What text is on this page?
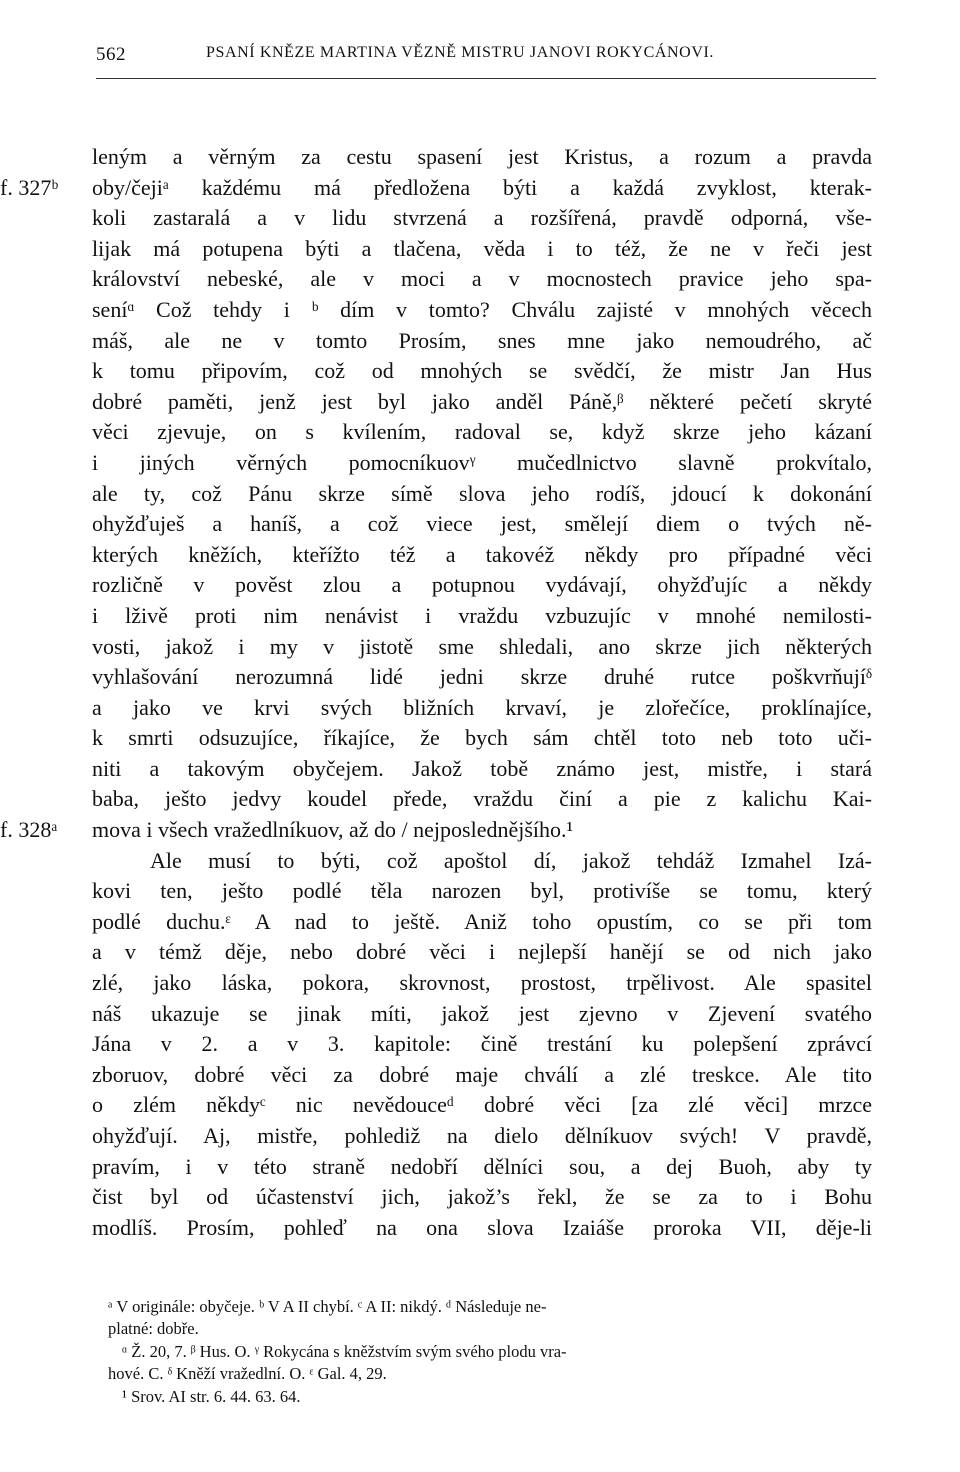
562	PSANÍ KNĚZE MARTINA VĚZNĚ MISTRU JANOVI ROKYCÁNOVI.
leným a věrným za cestu spasení jest Kristus, a rozum a pravda
f. 327ᵇ oby/čejiᵃ každému má předložena býti a každá zvyklost, kterak-
koli zastaralá a v lidu stvrzená a rozšířená, pravdě odporná, vše-
lijak má potupena býti a tlačena, věda i to též, že ne v řeči jest
království nebeské, ale v moci a v mocnostech pravice jeho spa-
seníᵅ Což tehdy i ᵇ dím v tomto? Chválu zajisté v mnohých věcech
máš, ale ne v tomto Prosím, snes mne jako nemoudrého, ač
k tomu připovím, což od mnohých se svědčí, že mistr Jan Hus
dobré paměti, jenž jest byl jako anděl Páně,ᵝ některé pečetí skryté
věci zjevuje, on s kvílením, radoval se, když skrze jeho kázaní
i jiných věrných pomocníkuovᵞ mučedlnictvo slavně prokvítalo,
ale ty, což Pánu skrze símě slova jeho rodíš, jdoucí k dokonání
ohyžďuješ a haníš, a což viece jest, smělejí diem o tvých ně-
kterých kněžích, kteřížto též a takovéž někdy pro případné věci
rozličně v pověst zlou a potupnou vydávají, ohyžďujíc a někdy
i lživě proti nim nenávist i vraždu vzbuzujíc v mnohé nemilosti-
vosti, jakož i my v jistotě sme shledali, ano skrze jich některých
vyhlašování nerozumná lidé jedni skrze druhé rutce poškvrňujíᵟ
a jako ve krvi svých bližních krvaví, je zlořečíce, proklínajíce,
k smrti odsuzujíce, říkajíce, že bych sám chtěl toto neb toto uči-
niti a takovým obyčejem. Jakož tobě známo jest, mistře, i stará
baba, ješto jedvy koudel přede, vraždu činí a pie z kalichu Kai-
f. 328ᵃ mova i všech vražedlníkuov, až do / nejposlednějšího.¹
Ale musí to býti, což apoštol dí, jakož tehdáž Izmahel Izá-
kovi ten, ješto podlé těla narozen byl, protivíše se tomu, který
podlé duchu.ᵋ A nad to ještě. Aniž toho opustím, co se při tom
a v témž děje, nebo dobré věci i nejlepší hanějí se od nich jako
zlé, jako láska, pokora, skrovnost, prostost, trpělivost. Ale spasitel
náš ukazuje se jinak míti, jakož jest zjevno v Zjevení svatého
Jána v 2. a v 3. kapitole: čině trestání ku polepšení zprávcí
zboruov, dobré věci za dobré maje chválí a zlé treskce. Ale tito
o zlém někdyᶜ nic nevědouceᵈ dobré věci [za zlé věci] mrzce
ohyžďují. Aj, mistře, pohlediž na dielo dělníkuov svých! V pravdě,
pravím, i v této straně nedobří dělníci sou, a dej Buoh, aby ty
čist byl od účastenství jich, jakož’s řekl, že se za to i Bohu
modlíš. Prosím, pohleď na ona slova Izaiáše proroka VII, děje-li
ᵃ V originále: obyčeje. ᵇ V A II chybí. ᶜ A II: nikdý. ᵈ Následuje ne-
platné: dobře.
ᵅ Ž. 20, 7. ᵝ Hus. O. ᵞ Rokycána s kněžstvím svým svého plodu vra-
hové. C. ᵟ Kněží vražedlní. O. ᵋ Gal. 4, 29.
¹ Srov. AI str. 6. 44. 63. 64.
